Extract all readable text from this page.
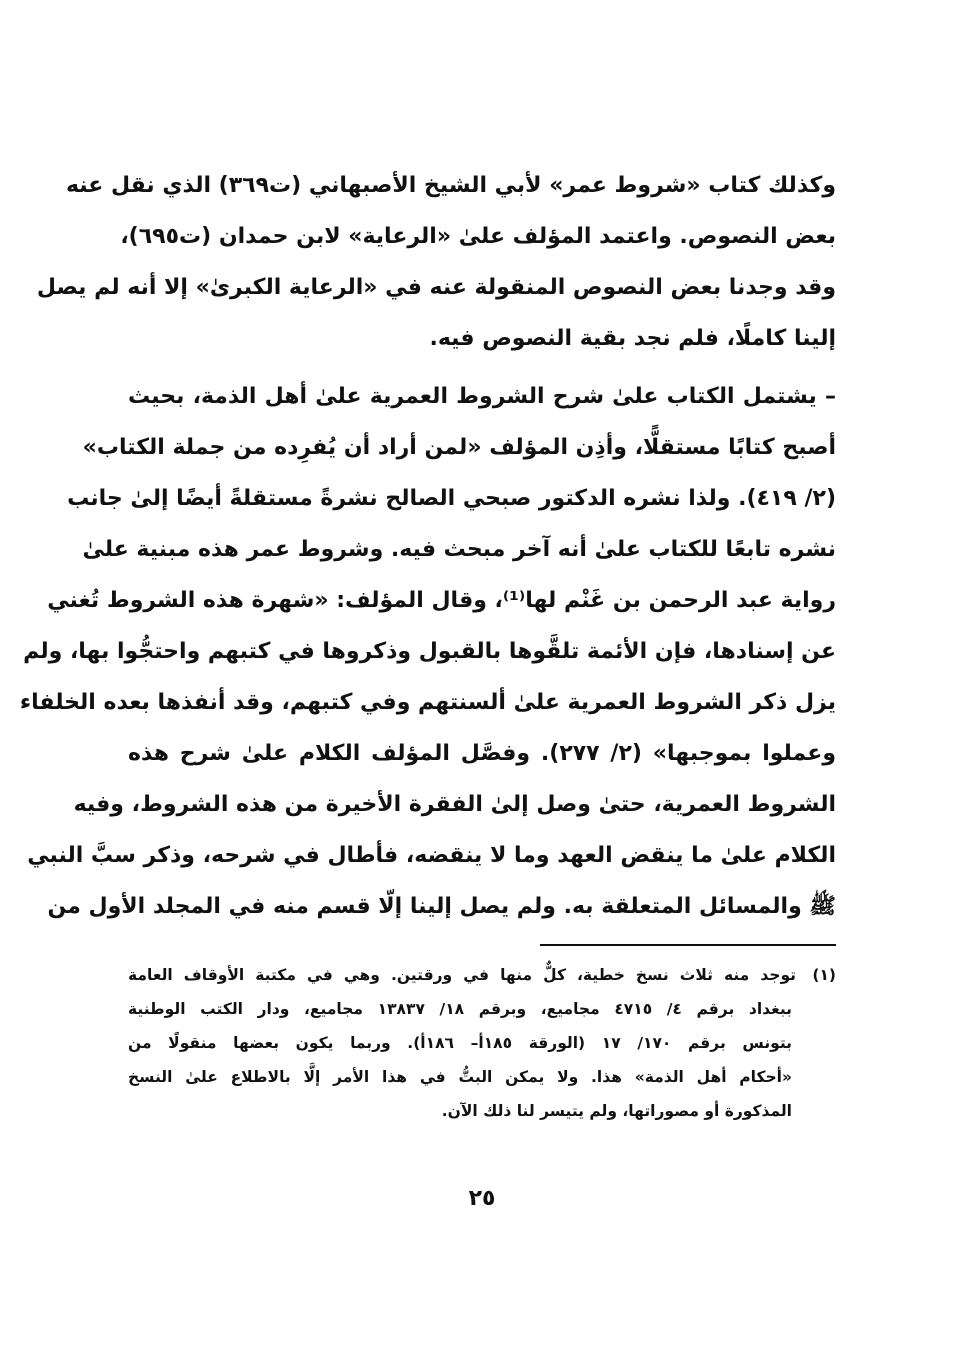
وكذلك كتاب «شروط عمر» لأبي الشيخ الأصبهاني (ت٣٦٩) الذي نقل عنه
بعض النصوص. واعتمد المؤلف علىٰ «الرعاية» لابن حمدان (ت٦٩٥)،
وقد وجدنا بعض النصوص المنقولة عنه في «الرعاية الكبرىٰ» إلا أنه لم يصل
إلينا كاملًا، فلم نجد بقية النصوص فيه.
– يشتمل الكتاب علىٰ شرح الشروط العمرية علىٰ أهل الذمة، بحيث
أصبح كتابًا مستقلًّا، وأذِن المؤلف «لمن أراد أن يُفرِده من جملة الكتاب»
(٢/ ٤١٩). ولذا نشره الدكتور صبحي الصالح نشرةً مستقلةً أيضًا إلىٰ جانب
نشره تابعًا للكتاب علىٰ أنه آخر مبحث فيه. وشروط عمر هذه مبنية علىٰ
رواية عبد الرحمن بن غَنْم لها⁽¹⁾، وقال المؤلف: «شهرة هذه الشروط تُغني
عن إسنادها، فإن الأئمة تلقَّوها بالقبول وذكروها في كتبهم واحتجُّوا بها، ولم
يزل ذكر الشروط العمرية علىٰ ألسنتهم وفي كتبهم، وقد أنفذها بعده الخلفاء
وعملوا بموجبها» (٢/ ٢٧٧). وفصَّل المؤلف الكلام علىٰ شرح هذه
الشروط العمرية، حتىٰ وصل إلىٰ الفقرة الأخيرة من هذه الشروط، وفيه
الكلام علىٰ ما ينقض العهد وما لا ينقضه، فأطال في شرحه، وذكر سبَّ النبي
ﷺ والمسائل المتعلقة به. ولم يصل إلينا إلّا قسم منه في المجلد الأول من
(١)توجد منه ثلاث نسخ خطية، كلٌّ منها في ورقتين. وهي في مكتبة الأوقاف العامة
ببغداد برقم ٤/ ٤٧١٥ مجاميع، وبرقم ١٨/ ١٣٨٣٧ مجاميع، ودار الكتب الوطنية
بتونس برقم ١٧٠/ ١٧ (الورقة ١٨٥أ– ١٨٦أ). وربما يكون بعضها منقولًا من
«أحكام أهل الذمة» هذا. ولا يمكن البتُّ في هذا الأمر إلَّا بالاطلاع علىٰ النسخ
المذكورة أو مصوراتها، ولم يتيسر لنا ذلك الآن.
٢٥
